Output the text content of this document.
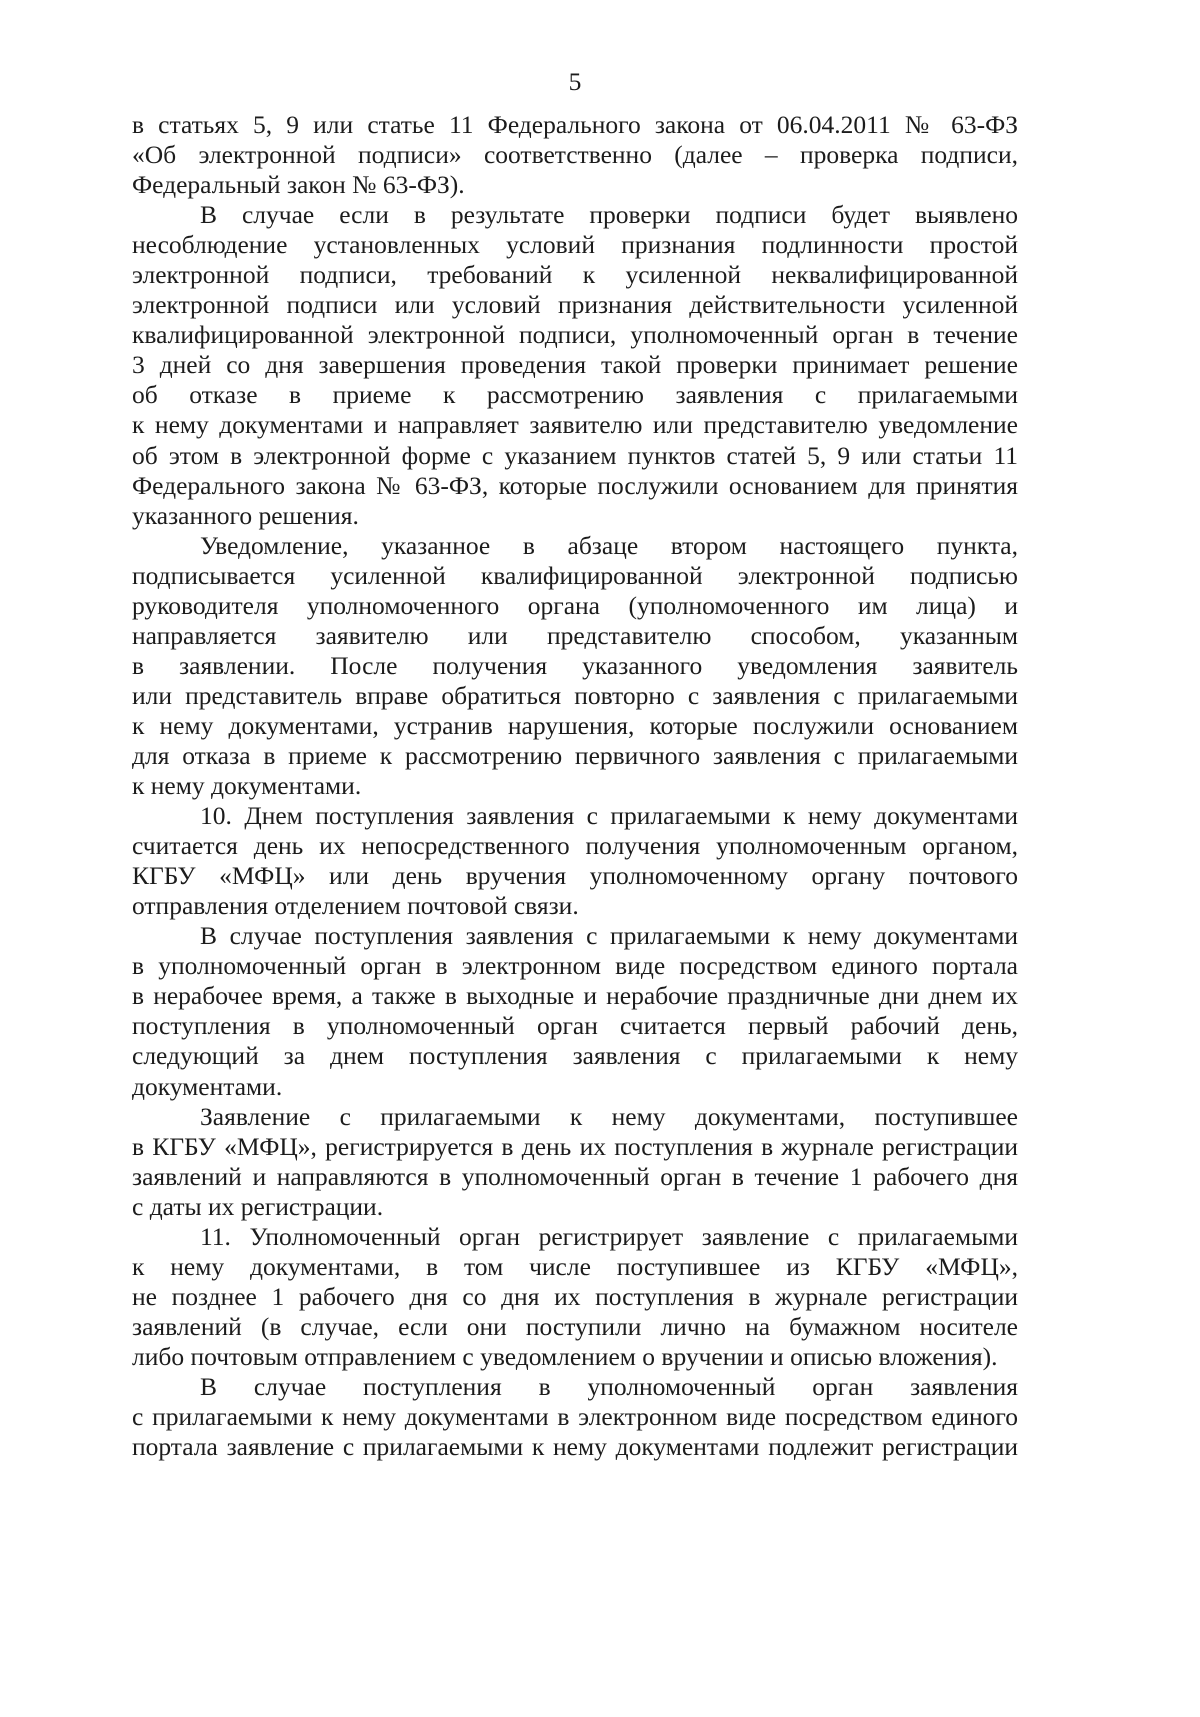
5
в статьях 5, 9 или статье 11 Федерального закона от 06.04.2011 № 63-ФЗ
«Об электронной подписи» соответственно (далее – проверка подписи,
Федеральный закон № 63-ФЗ).
В случае если в результате проверки подписи будет выявлено
несоблюдение установленных условий признания подлинности простой
электронной подписи, требований к усиленной неквалифицированной
электронной подписи или условий признания действительности усиленной
квалифицированной электронной подписи, уполномоченный орган в течение
3 дней со дня завершения проведения такой проверки принимает решение
об отказе в приеме к рассмотрению заявления с прилагаемыми
к нему документами и направляет заявителю или представителю уведомление
об этом в электронной форме с указанием пунктов статей 5, 9 или статьи 11
Федерального закона № 63-ФЗ, которые послужили основанием для принятия
указанного решения.
Уведомление, указанное в абзаце втором настоящего пункта,
подписывается усиленной квалифицированной электронной подписью
руководителя уполномоченного органа (уполномоченного им лица) и
направляется заявителю или представителю способом, указанным
в заявлении. После получения указанного уведомления заявитель
или представитель вправе обратиться повторно с заявления с прилагаемыми
к нему документами, устранив нарушения, которые послужили основанием
для отказа в приеме к рассмотрению первичного заявления с прилагаемыми
к нему документами.
10. Днем поступления заявления с прилагаемыми к нему документами
считается день их непосредственного получения уполномоченным органом,
КГБУ «МФЦ» или день вручения уполномоченному органу почтового
отправления отделением почтовой связи.
В случае поступления заявления с прилагаемыми к нему документами
в уполномоченный орган в электронном виде посредством единого портала
в нерабочее время, а также в выходные и нерабочие праздничные дни днем их
поступления в уполномоченный орган считается первый рабочий день,
следующий за днем поступления заявления с прилагаемыми к нему
документами.
Заявление с прилагаемыми к нему документами, поступившее
в КГБУ «МФЦ», регистрируется в день их поступления в журнале регистрации
заявлений и направляются в уполномоченный орган в течение 1 рабочего дня
с даты их регистрации.
11. Уполномоченный орган регистрирует заявление с прилагаемыми
к нему документами, в том числе поступившее из КГБУ «МФЦ»,
не позднее 1 рабочего дня со дня их поступления в журнале регистрации
заявлений (в случае, если они поступили лично на бумажном носителе
либо почтовым отправлением с уведомлением о вручении и описью вложения).
В случае поступления в уполномоченный орган заявления
с прилагаемыми к нему документами в электронном виде посредством единого
портала заявление с прилагаемыми к нему документами подлежит регистрации
